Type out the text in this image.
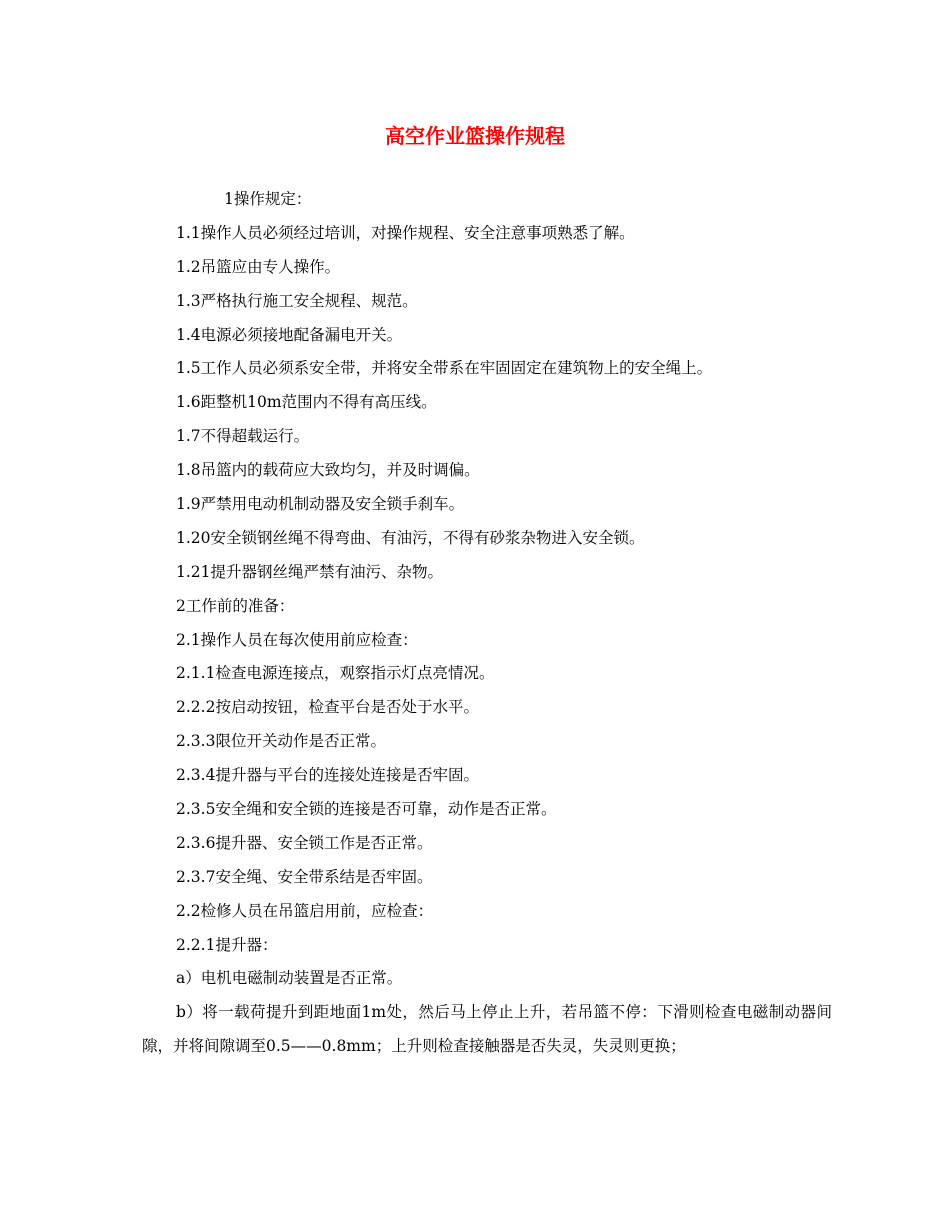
高空作业篮操作规程

1操作规定：

1.1操作人员必须经过培训，对操作规程、安全注意事项熟悉了解。

1.2吊篮应由专人操作。

1.3严格执行施工安全规程、规范。

1.4电源必须接地配备漏电开关。

1.5工作人员必须系安全带，并将安全带系在牢固固定在建筑物上的安全绳上。

1.6距整机10m范围内不得有高压线。

1.7不得超载运行。

1.8吊篮内的载荷应大致均匀，并及时调偏。

1.9严禁用电动机制动器及安全锁手刹车。

1.20安全锁钢丝绳不得弯曲、有油污，不得有砂浆杂物进入安全锁。

1.21提升器钢丝绳严禁有油污、杂物。

2工作前的准备：

2.1操作人员在每次使用前应检查：

2.1.1检查电源连接点，观察指示灯点亮情况。

2.2.2按启动按钮，检查平台是否处于水平。

2.3.3限位开关动作是否正常。

2.3.4提升器与平台的连接处连接是否牢固。

2.3.5安全绳和安全锁的连接是否可靠，动作是否正常。

2.3.6提升器、安全锁工作是否正常。

2.3.7安全绳、安全带系结是否牢固。

2.2检修人员在吊篮启用前，应检查：

2.2.1提升器：

a）电机电磁制动装置是否正常。

b）将一载荷提升到距地面1m处，然后马上停止上升，若吊篮不停：下滑则检查电磁制动器间隙，并将间隙调至0.5——0.8mm；上升则检查接触器是否失灵，失灵则更换；
